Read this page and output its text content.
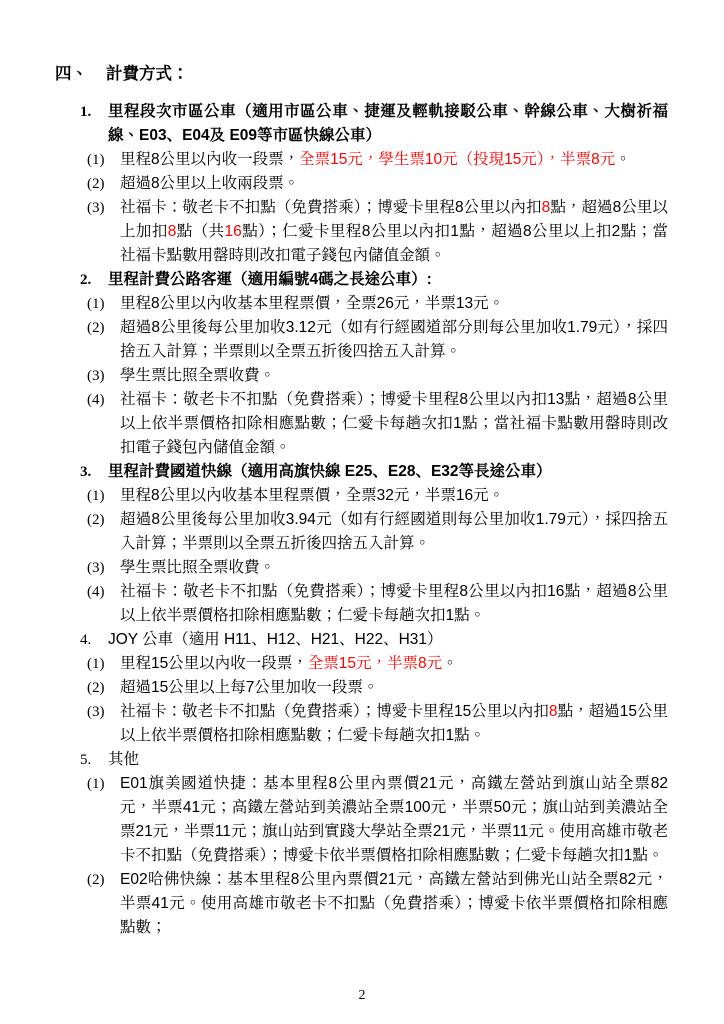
四、	計費方式：
1.	里程段次市區公車（適用市區公車、捷運及輕軌接駁公車、幹線公車、大樹祈福線、E03、E04及 E09等市區快線公車）
(1)	里程8公里以內收一段票，全票15元，學生票10元（投現15元），半票8元。
(2)	超過8公里以上收兩段票。
(3)	社福卡：敬老卡不扣點（免費搭乘）；博愛卡里程8公里以內扣8點，超過8公里以上加扣8點（共16點）；仁愛卡里程8公里以內扣1點，超過8公里以上扣2點；當社福卡點數用罄時則改扣電子錢包內儲值金額。
2.	里程計費公路客運（適用編號4碼之長途公車）:
(1)	里程8公里以內收基本里程票價，全票26元，半票13元。
(2)	超過8公里後每公里加收3.12元（如有行經國道部分則每公里加收1.79元），採四捨五入計算；半票則以全票五折後四捨五入計算。
(3)	學生票比照全票收費。
(4)	社福卡：敬老卡不扣點（免費搭乘）；博愛卡里程8公里以內扣13點，超過8公里以上依半票價格扣除相應點數；仁愛卡每趟次扣1點；當社福卡點數用罄時則改扣電子錢包內儲值金額。
3.	里程計費國道快線（適用高旗快線 E25、E28、E32等長途公車）
(1)	里程8公里以內收基本里程票價，全票32元，半票16元。
(2)	超過8公里後每公里加收3.94元（如有行經國道則每公里加收1.79元），採四捨五入計算；半票則以全票五折後四捨五入計算。
(3)	學生票比照全票收費。
(4)	社福卡：敬老卡不扣點（免費搭乘）；博愛卡里程8公里以內扣16點，超過8公里以上依半票價格扣除相應點數；仁愛卡每趟次扣1點。
4.	JOY 公車（適用 H11、H12、H21、H22、H31）
(1)	里程15公里以內收一段票，全票15元，半票8元。
(2)	超過15公里以上每7公里加收一段票。
(3)	社福卡：敬老卡不扣點（免費搭乘）；博愛卡里程15公里以內扣8點，超過15公里以上依半票價格扣除相應點數；仁愛卡每趟次扣1點。
5.	其他
(1)	E01旗美國道快捷：基本里程8公里內票價21元，高鐵左營站到旗山站全票82元，半票41元；高鐵左營站到美濃站全票100元，半票50元；旗山站到美濃站全票21元，半票11元；旗山站到實踐大學站全票21元，半票11元。使用高雄市敬老卡不扣點（免費搭乘）；博愛卡依半票價格扣除相應點數；仁愛卡每趟次扣1點。
(2)	E02哈佛快線：基本里程8公里內票價21元，高鐵左營站到佛光山站全票82元，半票41元。使用高雄市敬老卡不扣點（免費搭乘）；博愛卡依半票價格扣除相應點數；
2
